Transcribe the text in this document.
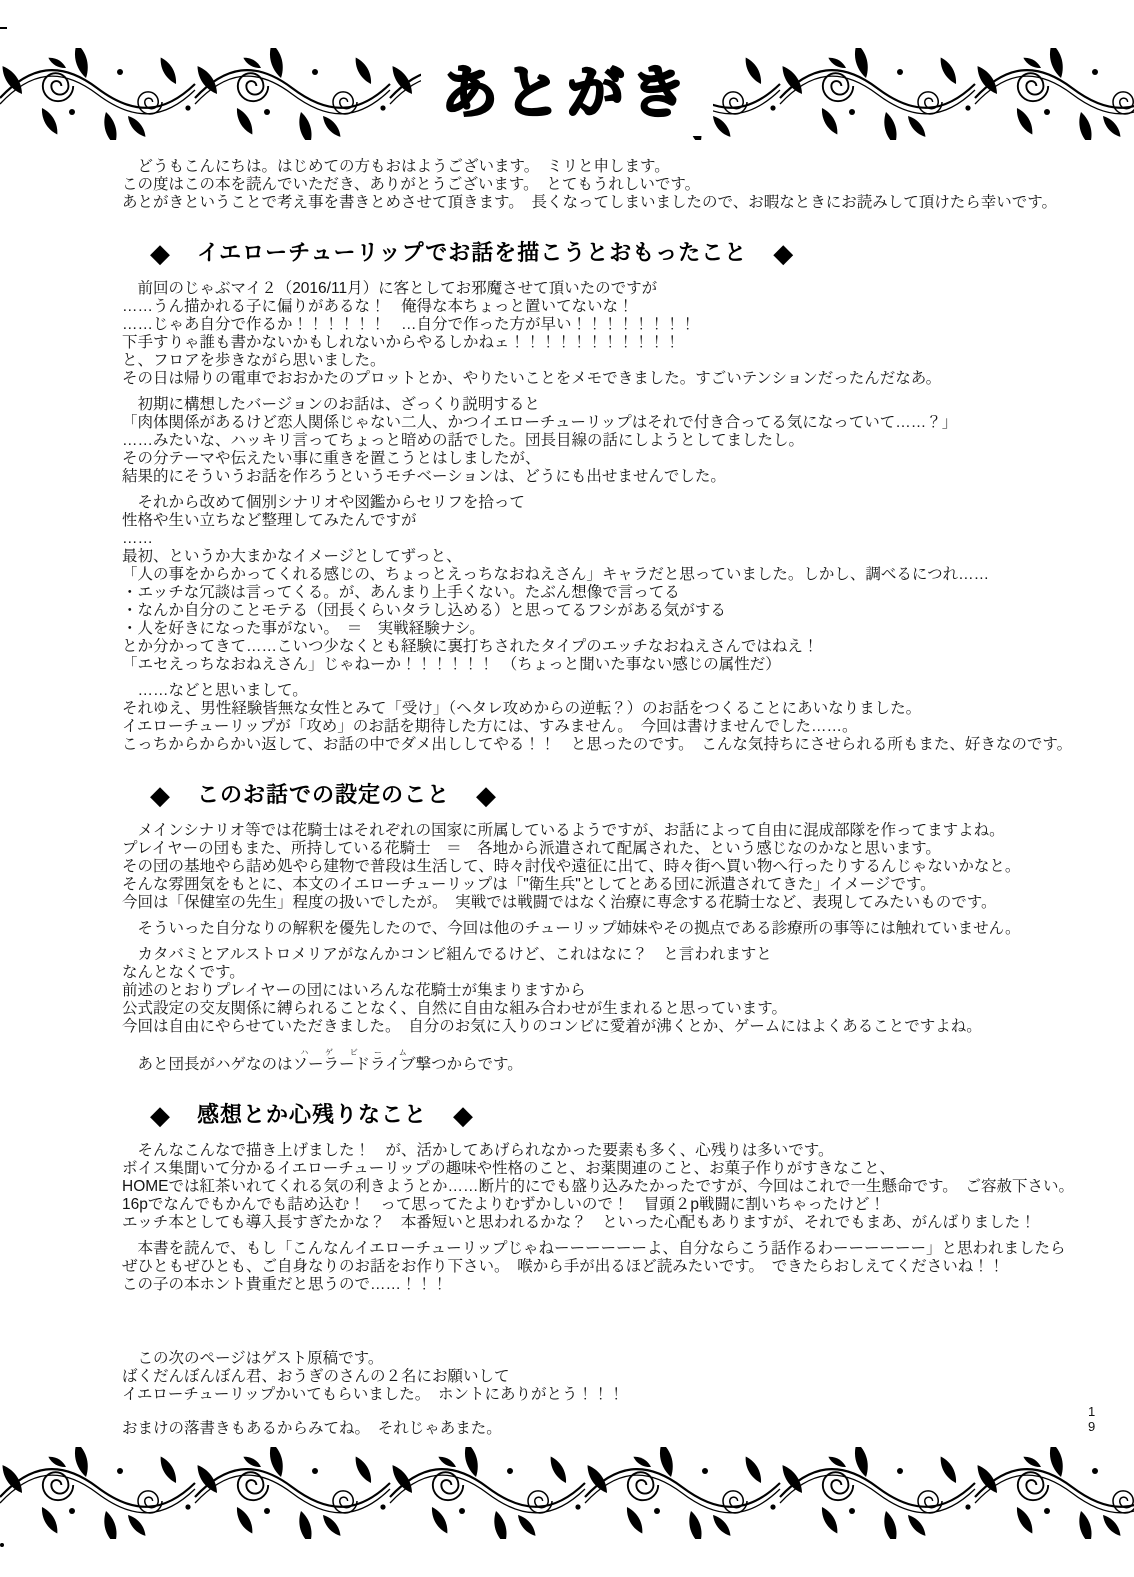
あとがき
　どうもこんにちは。はじめての方もおはようございます。　ミリと申します。
この度はこの本を読んでいただき、ありがとうございます。　とてもうれしいです。
あとがきということで考え事を書きとめさせて頂きます。　長くなってしまいましたので、お暇なときにお読みして頂けたら幸いです。
◆ イエローチューリップでお話を描こうとおもったこと ◆
　前回のじゃぶマイ２（2016/11月）に客としてお邪魔させて頂いたのですが
……うん描かれる子に偏りがあるな！　俺得な本ちょっと置いてないな！
……じゃあ自分で作るか！！！！！！　…自分で作った方が早い！！！！！！！！
下手すりゃ誰も書かないかもしれないからやるしかねェ！！！！！！！！！！！
と、フロアを歩きながら思いました。
その日は帰りの電車でおおかたのプロットとか、やりたいことをメモできました。すごいテンションだったんだなあ。
　初期に構想したバージョンのお話は、ざっくり説明すると
「肉体関係があるけど恋人関係じゃない二人、かつイエローチューリップはそれで付き合ってる気になっていて……？」
……みたいな、ハッキリ言ってちょっと暗めの話でした。団長目線の話にしようとしてましたし。
その分テーマや伝えたい事に重きを置こうとはしましたが、
結果的にそういうお話を作ろうというモチベーションは、どうにも出せませんでした。
　それから改めて個別シナリオや図鑑からセリフを拾って
性格や生い立ちなど整理してみたんですが
……
最初、というか大まかなイメージとしてずっと、
「人の事をからかってくれる感じの、ちょっとえっちなおねえさん」キャラだと思っていました。しかし、調べるにつれ……
・エッチな冗談は言ってくる。が、あんまり上手くない。たぶん想像で言ってる
・なんか自分のことモテる（団長くらいタラし込める）と思ってるフシがある気がする
・人を好きになった事がない。　＝　実戦経験ナシ。
とか分かってきて……こいつ少なくとも経験に裏打ちされたタイプのエッチなおねえさんではねえ！
「エセえっちなおねえさん」じゃねーか！！！！！！　（ちょっと聞いた事ない感じの属性だ）
　……などと思いまして。
それゆえ、男性経験皆無な女性とみて「受け」（ヘタレ攻めからの逆転？）のお話をつくることにあいなりました。
イエローチューリップが「攻め」のお話を期待した方には、すみません。　今回は書けませんでした……。
こっちからからかい返して、お話の中でダメ出ししてやる！！　と思ったのです。　こんな気持ちにさせられる所もまた、好きなのです。
◆ このお話での設定のこと ◆
　メインシナリオ等では花騎士はそれぞれの国家に所属しているようですが、お話によって自由に混成部隊を作ってますよね。
プレイヤーの団もまた、所持している花騎士　＝　各地から派遣されて配属された、という感じなのかなと思います。
その団の基地やら詰め処やら建物で普段は生活して、時々討伐や遠征に出て、時々街へ買い物へ行ったりするんじゃないかなと。
そんな雰囲気をもとに、本文のイエローチューリップは「"衛生兵"としてとある団に派遣されてきた」イメージです。
今回は「保健室の先生」程度の扱いでしたが。　実戦では戦闘ではなく治療に専念する花騎士など、表現してみたいものです。
　そういった自分なりの解釈を優先したので、今回は他のチューリップ姉妹やその拠点である診療所の事等には触れていません。
　カタバミとアルストロメリアがなんかコンビ組んでるけど、これはなに？　と言われますと
なんとなくです。
前述のとおりプレイヤーの団にはいろんな花騎士が集まりますから
公式設定の交友関係に縛られることなく、自然に自由な組み合わせが生まれると思っています。
今回は自由にやらせていただきました。　自分のお気に入りのコンビに愛着が沸くとか、ゲームにはよくあることですよね。
　あと団長がハゲなのはソーラードライブハゲビーム撃つからです。
◆ 感想とか心残りなこと ◆
　そんなこんなで描き上げました！　が、活かしてあげられなかった要素も多く、心残りは多いです。
ボイス集聞いて分かるイエローチューリップの趣味や性格のこと、お薬関連のこと、お菓子作りがすきなこと、
HOMEでは紅茶いれてくれる気の利きようとか……断片的にでも盛り込みたかったですが、今回はこれで一生懸命です。　ご容赦下さい。
16pでなんでもかんでも詰め込む！　って思ってたよりむずかしいので！　冒頭２p戦闘に割いちゃったけど！
エッチ本としても導入長すぎたかな？　本番短いと思われるかな？　といった心配もありますが、それでもまあ、がんばりました！
　本書を読んで、もし「こんなんイエローチューリップじゃねーーーーーーよ、自分ならこう話作るわーーーーーー」と思われましたら
ぜひともぜひとも、ご自身なりのお話をお作り下さい。　喉から手が出るほど読みたいです。　できたらおしえてくださいね！！
この子の本ホント貴重だと思うので……！！！
　この次のページはゲスト原稿です。
ばくだんぼんぼん君、おうぎのさんの２名にお願いして
イエローチューリップかいてもらいました。　ホントにありがとう！！！
おまけの落書きもあるからみてね。　それじゃあまた。
1
9
